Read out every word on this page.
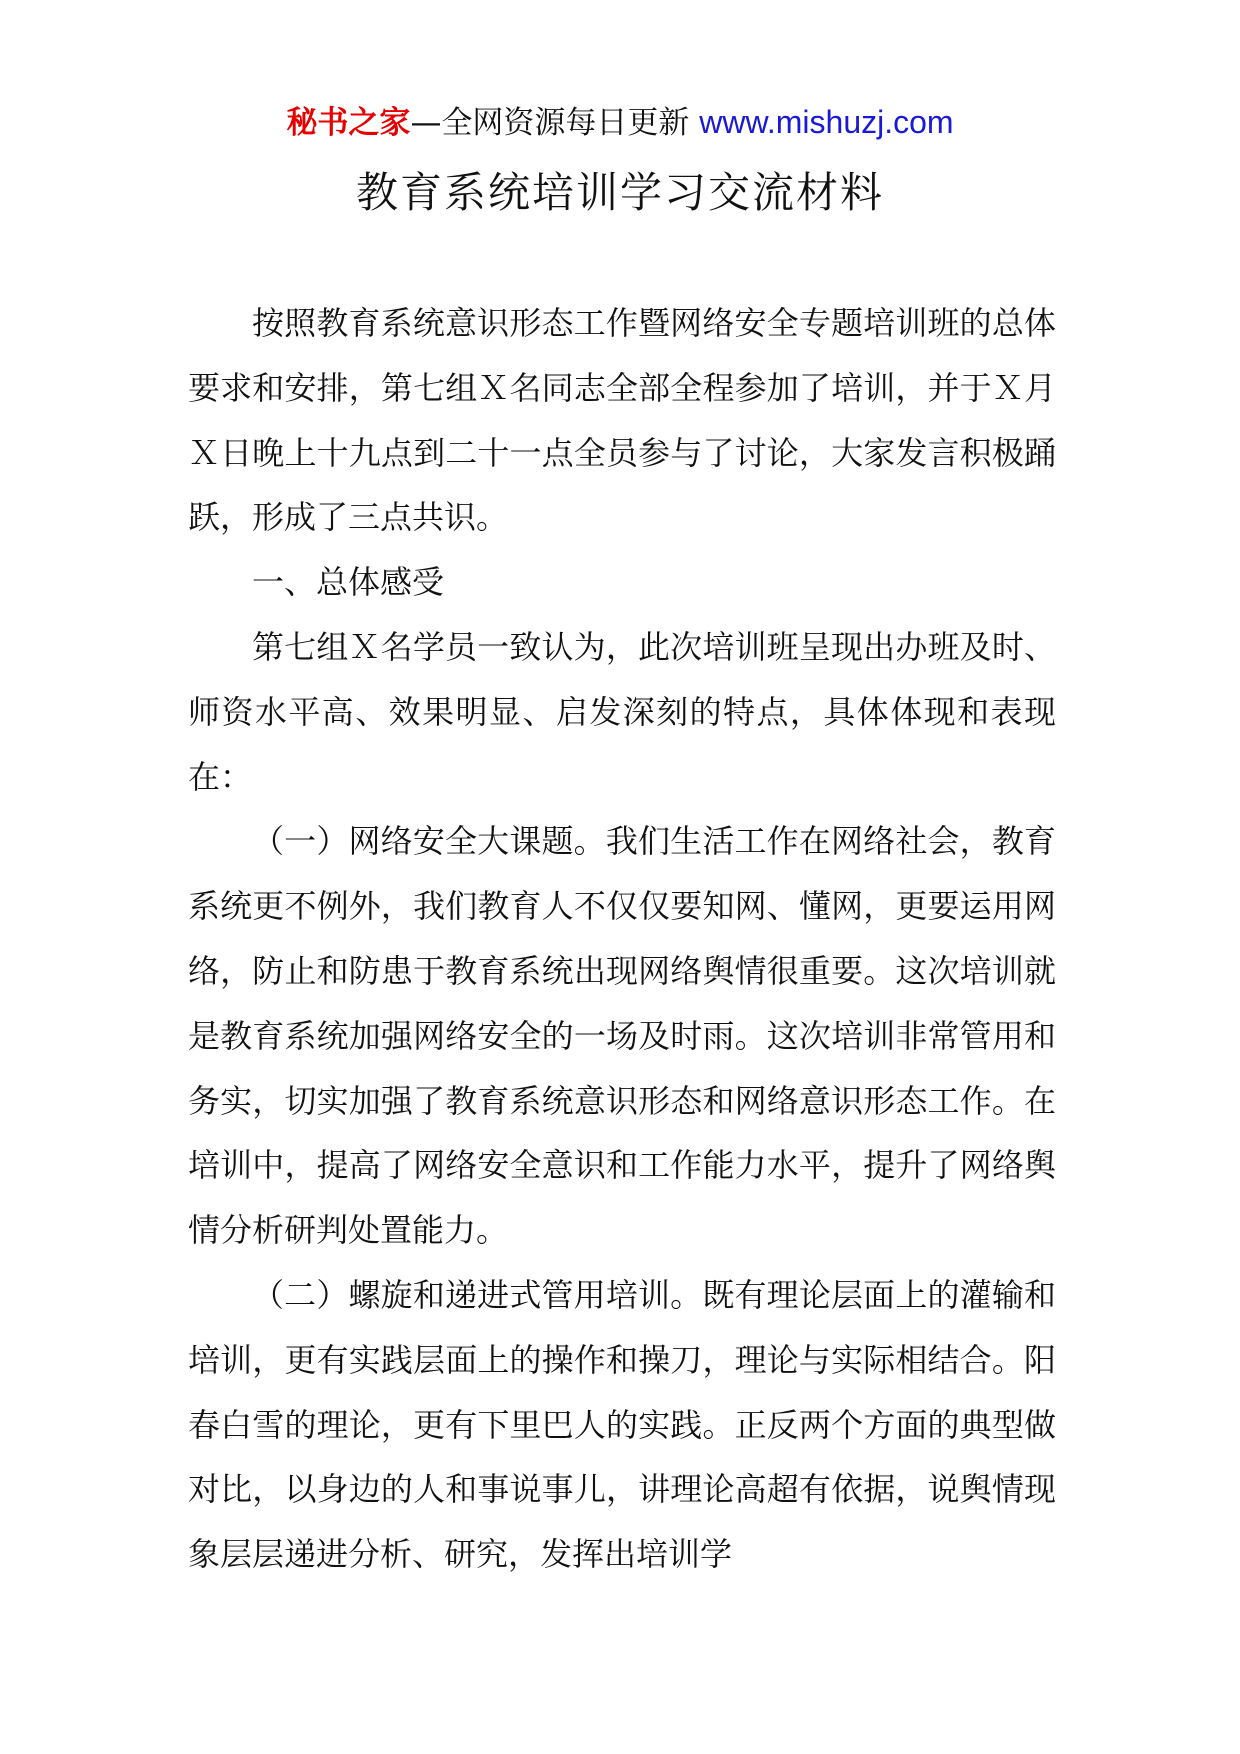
秘书之家—全网资源每日更新 www.mishuzj.com
教育系统培训学习交流材料

按照教育系统意识形态工作暨网络安全专题培训班的总体要求和安排，第七组Ｘ名同志全部全程参加了培训，并于Ｘ月Ｘ日晚上十九点到二十一点全员参与了讨论，大家发言积极踊跃，形成了三点共识。

一、总体感受

第七组Ｘ名学员一致认为，此次培训班呈现出办班及时、师资水平高、效果明显、启发深刻的特点，具体体现和表现在：

（一）网络安全大课题。我们生活工作在网络社会，教育系统更不例外，我们教育人不仅仅要知网、懂网，更要运用网络，防止和防患于教育系统出现网络舆情很重要。这次培训就是教育系统加强网络安全的一场及时雨。这次培训非常管用和务实，切实加强了教育系统意识形态和网络意识形态工作。在培训中，提高了网络安全意识和工作能力水平，提升了网络舆情分析研判处置能力。

（二）螺旋和递进式管用培训。既有理论层面上的灌输和培训，更有实践层面上的操作和操刀，理论与实际相结合。阳春白雪的理论，更有下里巴人的实践。正反两个方面的典型做对比，以身边的人和事说事儿，讲理论高超有依据，说舆情现象层层递进分析、研究，发挥出培训学
